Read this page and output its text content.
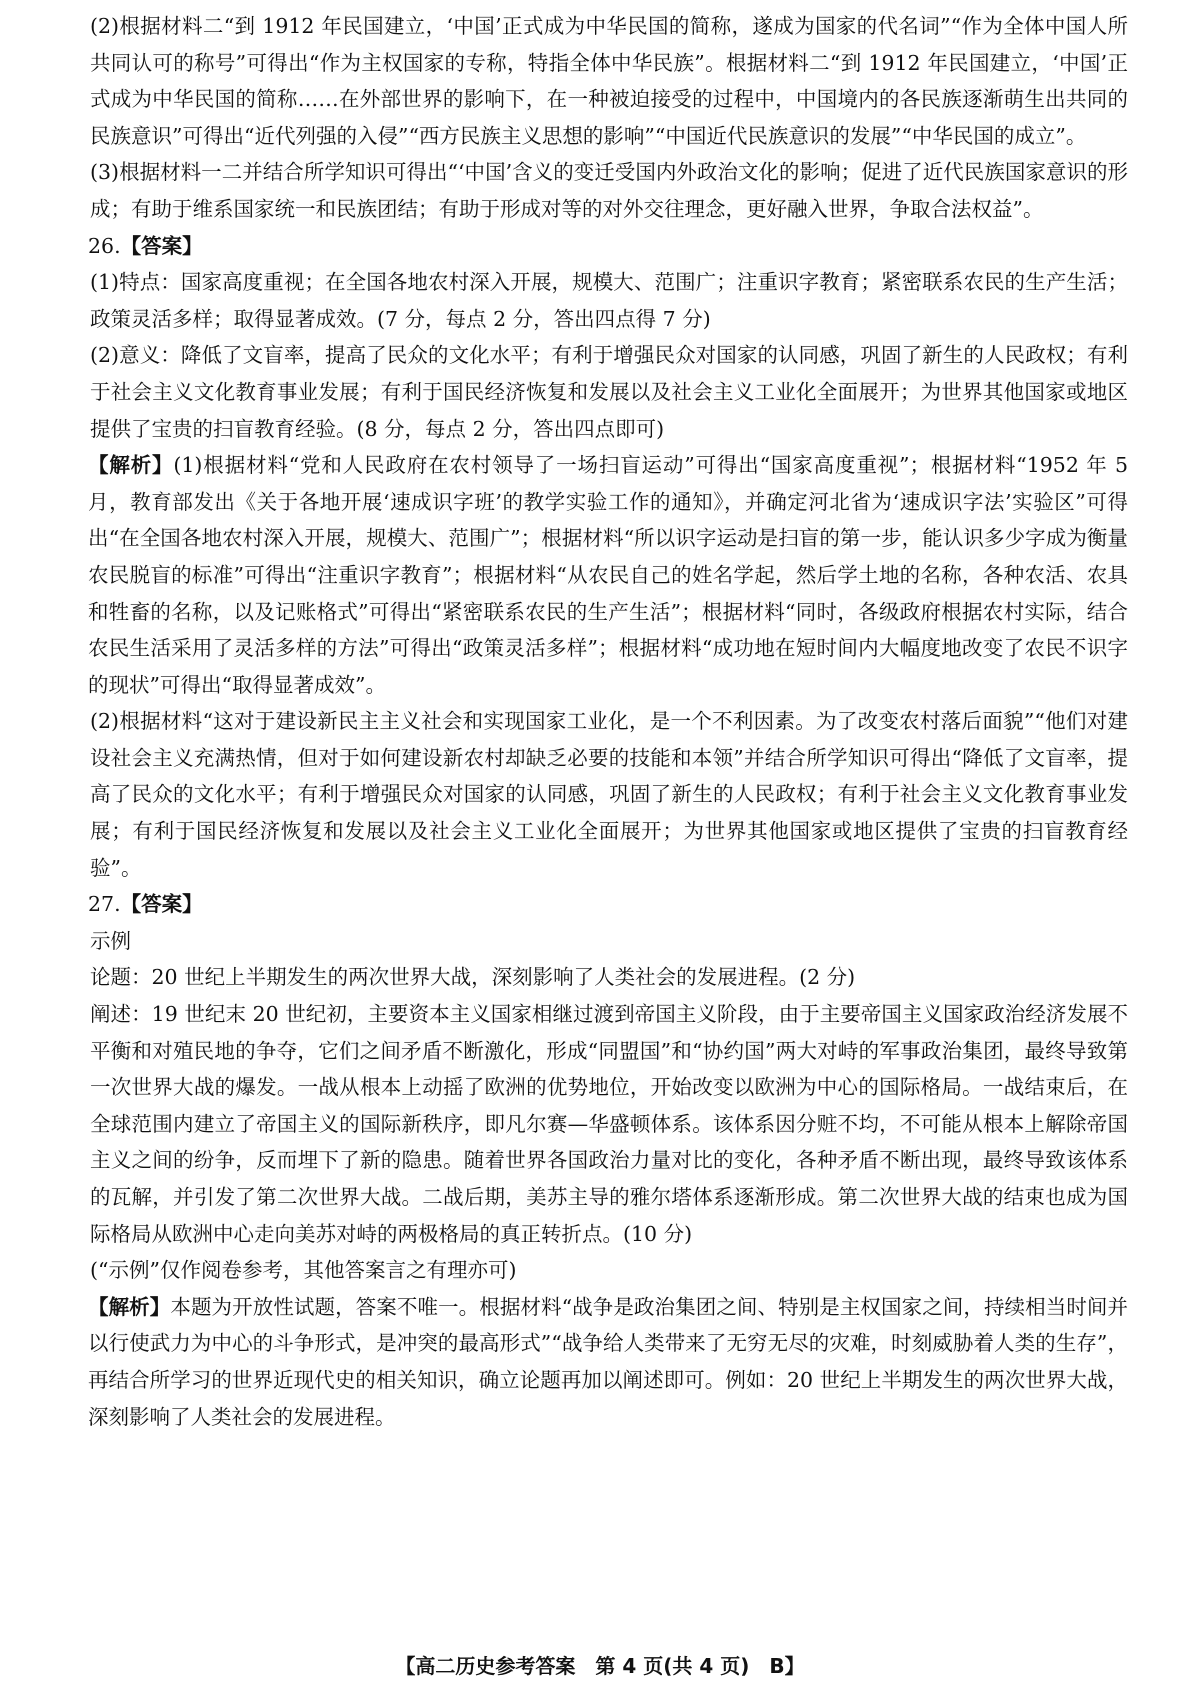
(2)根据材料二“到 1912 年民国建立，‘中国’正式成为中华民国的简称，遂成为国家的代名词”“作为全体中国人所共同认可的称号”可得出“作为主权国家的专称，特指全体中华民族”。根据材料二“到 1912 年民国建立，‘中国’正式成为中华民国的简称……在外部世界的影响下，在一种被迫接受的过程中，中国境内的各民族逐渐萌生出共同的民族意识”可得出“近代列强的入侵”“西方民族主义思想的影响”“中国近代民族意识的发展”“中华民国的成立”。

(3)根据材料一二并结合所学知识可得出“‘中国’含义的变迁受国内外政治文化的影响；促进了近代民族国家意识的形成；有助于维系国家统一和民族团结；有助于形成对等的对外交往理念，更好融入世界，争取合法权益”。

26.【答案】

(1)特点：国家高度重视；在全国各地农村深入开展，规模大、范围广；注重识字教育；紧密联系农民的生产生活；政策灵活多样；取得显著成效。(7 分，每点 2 分，答出四点得 7 分)

(2)意义：降低了文盲率，提高了民众的文化水平；有利于增强民众对国家的认同感，巩固了新生的人民政权；有利于社会主义文化教育事业发展；有利于国民经济恢复和发展以及社会主义工业化全面展开；为世界其他国家或地区提供了宝贵的扫盲教育经验。(8 分，每点 2 分，答出四点即可)

【解析】(1)根据材料“党和人民政府在农村领导了一场扫盲运动”可得出“国家高度重视”；根据材料“1952 年 5 月，教育部发出《关于各地开展‘速成识字班’的教学实验工作的通知》，并确定河北省为‘速成识字法’实验区”可得出“在全国各地农村深入开展，规模大、范围广”；根据材料“所以识字运动是扫盲的第一步，能认识多少字成为衡量农民脱盲的标准”可得出“注重识字教育”；根据材料“从农民自己的姓名学起，然后学土地的名称，各种农活、农具和牲畜的名称，以及记账格式”可得出“紧密联系农民的生产生活”；根据材料“同时，各级政府根据农村实际，结合农民生活采用了灵活多样的方法”可得出“政策灵活多样”；根据材料“成功地在短时间内大幅度地改变了农民不识字的现状”可得出“取得显著成效”。

(2)根据材料“这对于建设新民主主义社会和实现国家工业化，是一个不利因素。为了改变农村落后面貌”“他们对建设社会主义充满热情，但对于如何建设新农村却缺乏必要的技能和本领”并结合所学知识可得出“降低了文盲率，提高了民众的文化水平；有利于增强民众对国家的认同感，巩固了新生的人民政权；有利于社会主义文化教育事业发展；有利于国民经济恢复和发展以及社会主义工业化全面展开；为世界其他国家或地区提供了宝贵的扫盲教育经验”。

27.【答案】

示例

论题：20 世纪上半期发生的两次世界大战，深刻影响了人类社会的发展进程。(2 分)

阐述：19 世纪末 20 世纪初，主要资本主义国家相继过渡到帝国主义阶段，由于主要帝国主义国家政治经济发展不平衡和对殖民地的争夺，它们之间矛盾不断激化，形成“同盟国”和“协约国”两大对峙的军事政治集团，最终导致第一次世界大战的爆发。一战从根本上动摇了欧洲的优势地位，开始改变以欧洲为中心的国际格局。一战结束后，在全球范围内建立了帝国主义的国际新秩序，即凡尔赛—华盛顿体系。该体系因分赃不均，不可能从根本上解除帝国主义之间的纷争，反而埋下了新的隐患。随着世界各国政治力量对比的变化，各种矛盾不断出现，最终导致该体系的瓦解，并引发了第二次世界大战。二战后期，美苏主导的雅尔塔体系逐渐形成。第二次世界大战的结束也成为国际格局从欧洲中心走向美苏对峙的两极格局的真正转折点。(10 分)

(“示例”仅作阅卷参考，其他答案言之有理亦可)

【解析】本题为开放性试题，答案不唯一。根据材料“战争是政治集团之间、特别是主权国家之间，持续相当时间并以行使武力为中心的斗争形式，是冲突的最高形式”“战争给人类带来了无穷无尽的灾难，时刻威胁着人类的生存”，再结合所学习的世界近现代史的相关知识，确立论题再加以阐述即可。例如：20 世纪上半期发生的两次世界大战，深刻影响了人类社会的发展进程。

【高二历史参考答案　第 4 页(共 4 页)　B】
